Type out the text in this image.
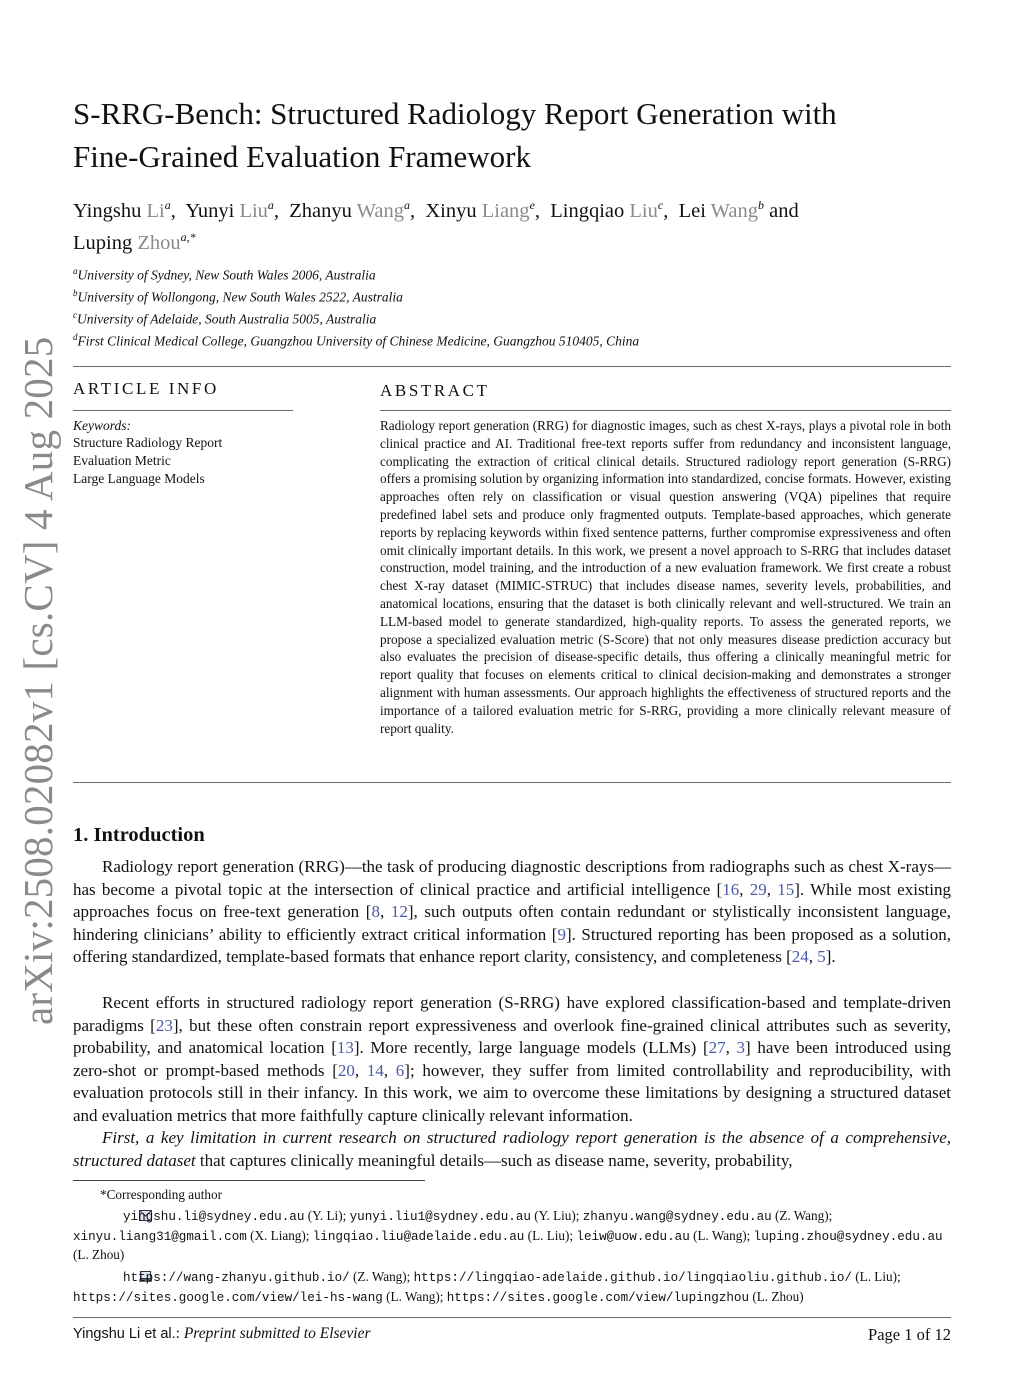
arXiv:2508.02082v1 [cs.CV] 4 Aug 2025
S-RRG-Bench: Structured Radiology Report Generation with
Fine-Grained Evaluation Framework
Yingshu Li$^a$, Yunyi Liu$^a$, Zhanyu Wang$^a$, Xinyu Liang$^e$, Lingqiao Liu$^c$, Lei Wang$^b$ and
Luping Zhou$^{a,*}$
$^a$University of Sydney, New South Wales 2006, Australia
$^b$University of Wollongong, New South Wales 2522, Australia
$^c$University of Adelaide, South Australia 5005, Australia
$^d$First Clinical Medical College, Guangzhou University of Chinese Medicine, Guangzhou 510405, China
ARTICLE INFO
Keywords:
Structure Radiology Report
Evaluation Metric
Large Language Models
ABSTRACT
Radiology report generation (RRG) for diagnostic images, such as chest X-rays, plays a pivotal role in both clinical practice and AI. Traditional free-text reports suffer from redundancy and inconsistent language, complicating the extraction of critical clinical details. Structured radiology report generation (S-RRG) offers a promising solution by organizing information into standardized, concise formats. However, existing approaches often rely on classification or visual question answering (VQA) pipelines that require predefined label sets and produce only fragmented outputs. Template-based approaches, which generate reports by replacing keywords within fixed sentence patterns, further compromise expressiveness and often omit clinically important details. In this work, we present a novel approach to S-RRG that includes dataset construction, model training, and the introduction of a new evaluation framework. We first create a robust chest X-ray dataset (MIMIC-STRUC) that includes disease names, severity levels, probabilities, and anatomical locations, ensuring that the dataset is both clinically relevant and well-structured. We train an LLM-based model to generate standardized, high-quality reports. To assess the generated reports, we propose a specialized evaluation metric (S-Score) that not only measures disease prediction accuracy but also evaluates the precision of disease-specific details, thus offering a clinically meaningful metric for report quality that focuses on elements critical to clinical decision-making and demonstrates a stronger alignment with human assessments. Our approach highlights the effectiveness of structured reports and the importance of a tailored evaluation metric for S-RRG, providing a more clinically relevant measure of report quality.
1. Introduction
Radiology report generation (RRG)—the task of producing diagnostic descriptions from radiographs such as chest X-rays—has become a pivotal topic at the intersection of clinical practice and artificial intelligence [16, 29, 15]. While most existing approaches focus on free-text generation [8, 12], such outputs often contain redundant or stylistically inconsistent language, hindering clinicians’ ability to efficiently extract critical information [9]. Structured reporting has been proposed as a solution, offering standardized, template-based formats that enhance report clarity, consistency, and completeness [24, 5].
Recent efforts in structured radiology report generation (S-RRG) have explored classification-based and template-driven paradigms [23], but these often constrain report expressiveness and overlook fine-grained clinical attributes such as severity, probability, and anatomical location [13]. More recently, large language models (LLMs) [27, 3] have been introduced using zero-shot or prompt-based methods [20, 14, 6]; however, they suffer from limited controllability and reproducibility, with evaluation protocols still in their infancy. In this work, we aim to overcome these limitations by designing a structured dataset and evaluation metrics that more faithfully capture clinically relevant information.
First, a key limitation in current research on structured radiology report generation is the absence of a comprehensive, structured dataset that captures clinically meaningful details—such as disease name, severity, probability,
*Corresponding author
yingshu.li@sydney.edu.au (Y. Li); yunyi.liu1@sydney.edu.au (Y. Liu); zhanyu.wang@sydney.edu.au (Z. Wang); xinyu.liang31@gmail.com (X. Liang); lingqiao.liu@adelaide.edu.au (L. Liu); leiw@uow.edu.au (L. Wang); luping.zhou@sydney.edu.au (L. Zhou)
https://wang-zhanyu.github.io/ (Z. Wang); https://lingqiao-adelaide.github.io/lingqiaoliu.github.io/ (L. Liu); https://sites.google.com/view/lei-hs-wang (L. Wang); https://sites.google.com/view/lupingzhou (L. Zhou)
Yingshu Li et al.: Preprint submitted to Elsevier	Page 1 of 12
